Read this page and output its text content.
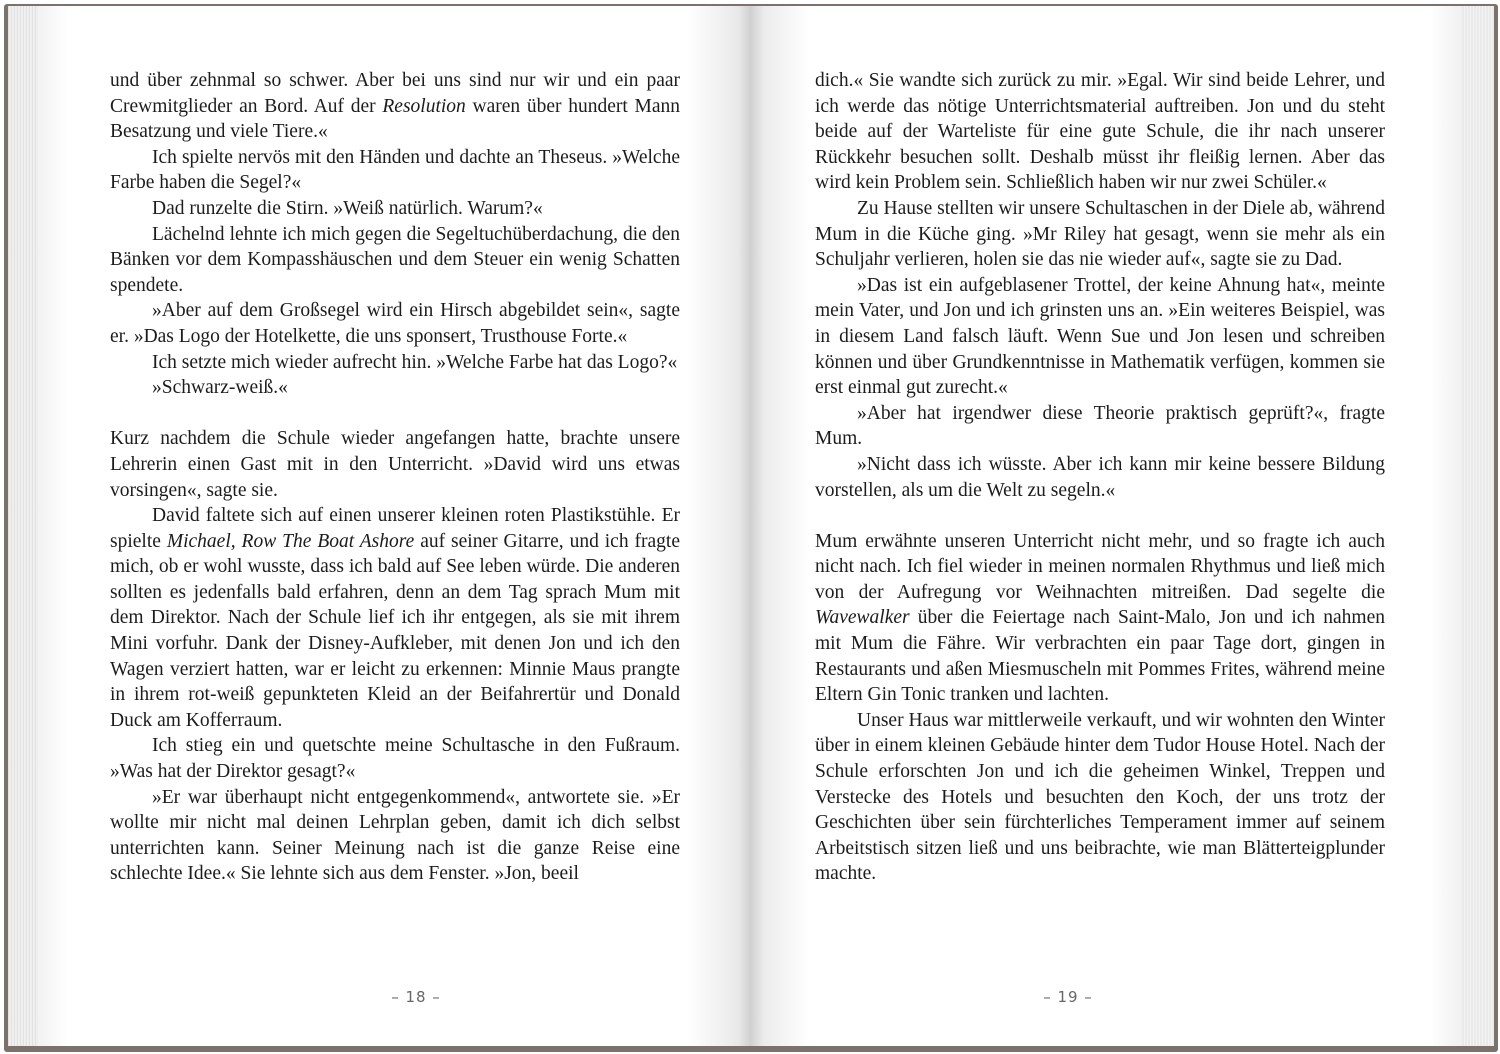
und über zehnmal so schwer. Aber bei uns sind nur wir und ein paar Crewmitglieder an Bord. Auf der Resolution waren über hundert Mann Besatzung und viele Tiere.«

Ich spielte nervös mit den Händen und dachte an Theseus. »Welche Farbe haben die Segel?«

Dad runzelte die Stirn. »Weiß natürlich. Warum?«

Lächelnd lehnte ich mich gegen die Segeltuchüberdachung, die den Bänken vor dem Kompasshäuschen und dem Steuer ein wenig Schatten spendete.

»Aber auf dem Großsegel wird ein Hirsch abgebildet sein«, sagte er. »Das Logo der Hotelkette, die uns sponsert, Trusthouse Forte.«

Ich setzte mich wieder aufrecht hin. »Welche Farbe hat das Logo?«

»Schwarz-weiß.«

Kurz nachdem die Schule wieder angefangen hatte, brachte unsere Lehrerin einen Gast mit in den Unterricht. »David wird uns etwas vorsingen«, sagte sie.

David faltete sich auf einen unserer kleinen roten Plastikstühle. Er spielte Michael, Row The Boat Ashore auf seiner Gitarre, und ich fragte mich, ob er wohl wusste, dass ich bald auf See leben würde. Die anderen sollten es jedenfalls bald erfahren, denn an dem Tag sprach Mum mit dem Direktor. Nach der Schule lief ich ihr entgegen, als sie mit ihrem Mini vorfuhr. Dank der Disney-Aufkleber, mit denen Jon und ich den Wagen verziert hatten, war er leicht zu erkennen: Minnie Maus prangte in ihrem rot-weiß gepunkteten Kleid an der Beifahrertür und Donald Duck am Kofferraum.

Ich stieg ein und quetschte meine Schultasche in den Fußraum. »Was hat der Direktor gesagt?«

»Er war überhaupt nicht entgegenkommend«, antwortete sie. »Er wollte mir nicht mal deinen Lehrplan geben, damit ich dich selbst unterrichten kann. Seiner Meinung nach ist die ganze Reise eine schlechte Idee.« Sie lehnte sich aus dem Fenster. »Jon, beeil

– 18 –

dich.« Sie wandte sich zurück zu mir. »Egal. Wir sind beide Lehrer, und ich werde das nötige Unterrichtsmaterial auftreiben. Jon und du steht beide auf der Warteliste für eine gute Schule, die ihr nach unserer Rückkehr besuchen sollt. Deshalb müsst ihr fleißig lernen. Aber das wird kein Problem sein. Schließlich haben wir nur zwei Schüler.«

Zu Hause stellten wir unsere Schultaschen in der Diele ab, während Mum in die Küche ging. »Mr Riley hat gesagt, wenn sie mehr als ein Schuljahr verlieren, holen sie das nie wieder auf«, sagte sie zu Dad.

»Das ist ein aufgeblasener Trottel, der keine Ahnung hat«, meinte mein Vater, und Jon und ich grinsten uns an. »Ein weiteres Beispiel, was in diesem Land falsch läuft. Wenn Sue und Jon lesen und schreiben können und über Grundkenntnisse in Mathematik verfügen, kommen sie erst einmal gut zurecht.«

»Aber hat irgendwer diese Theorie praktisch geprüft?«, fragte Mum.

»Nicht dass ich wüsste. Aber ich kann mir keine bessere Bildung vorstellen, als um die Welt zu segeln.«

Mum erwähnte unseren Unterricht nicht mehr, und so fragte ich auch nicht nach. Ich fiel wieder in meinen normalen Rhythmus und ließ mich von der Aufregung vor Weihnachten mitreißen. Dad segelte die Wavewalker über die Feiertage nach Saint-Malo, Jon und ich nahmen mit Mum die Fähre. Wir verbrachten ein paar Tage dort, gingen in Restaurants und aßen Miesmuscheln mit Pommes Frites, während meine Eltern Gin Tonic tranken und lachten.

Unser Haus war mittlerweile verkauft, und wir wohnten den Winter über in einem kleinen Gebäude hinter dem Tudor House Hotel. Nach der Schule erforschten Jon und ich die geheimen Winkel, Treppen und Verstecke des Hotels und besuchten den Koch, der uns trotz der Geschichten über sein fürchterliches Temperament immer auf seinem Arbeitstisch sitzen ließ und uns beibrachte, wie man Blätterteigplunder machte.

– 19 –
